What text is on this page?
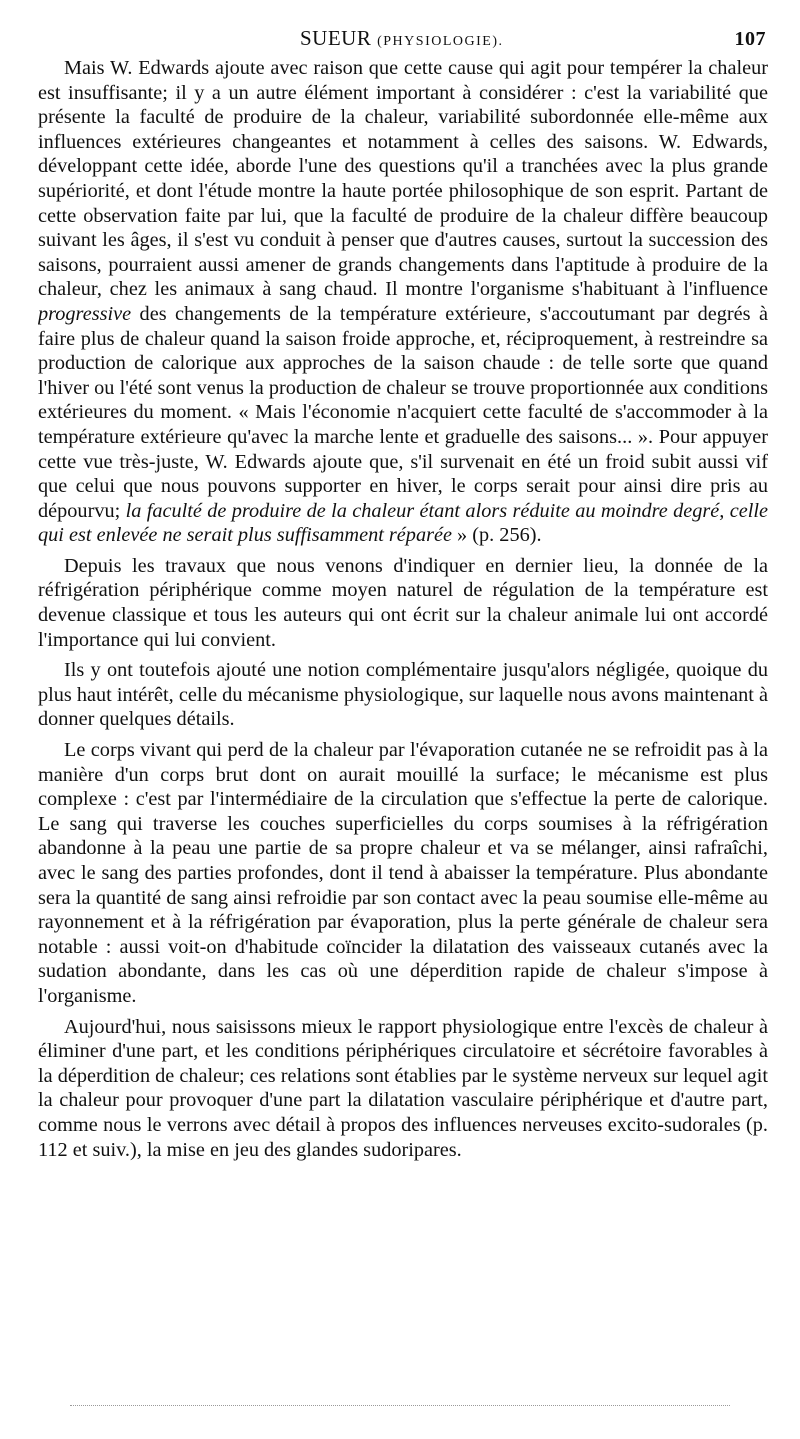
SUEUR (PHYSIOLOGIE).	107

Mais W. Edwards ajoute avec raison que cette cause qui agit pour tempérer la chaleur est insuffisante; il y a un autre élément important à considérer : c'est la variabilité que présente la faculté de produire de la chaleur, variabilité subordonnée elle-même aux influences extérieures changeantes et notamment à celles des saisons. W. Edwards, développant cette idée, aborde l'une des questions qu'il a tranchées avec la plus grande supériorité, et dont l'étude montre la haute portée philosophique de son esprit. Partant de cette observation faite par lui, que la faculté de produire de la chaleur diffère beaucoup suivant les âges, il s'est vu conduit à penser que d'autres causes, surtout la succession des saisons, pourraient aussi amener de grands changements dans l'aptitude à produire de la chaleur, chez les animaux à sang chaud. Il montre l'organisme s'habituant à l'influence progressive des changements de la température extérieure, s'accoutumant par degrés à faire plus de chaleur quand la saison froide approche, et, réciproquement, à restreindre sa production de calorique aux approches de la saison chaude : de telle sorte que quand l'hiver ou l'été sont venus la production de chaleur se trouve proportionnée aux conditions extérieures du moment. « Mais l'économie n'acquiert cette faculté de s'accommoder à la température extérieure qu'avec la marche lente et graduelle des saisons... ». Pour appuyer cette vue très-juste, W. Edwards ajoute que, s'il survenait en été un froid subit aussi vif que celui que nous pouvons supporter en hiver, le corps serait pour ainsi dire pris au dépourvu; la faculté de produire de la chaleur étant alors réduite au moindre degré, celle qui est enlevée ne serait plus suffisamment réparée » (p. 256).

Depuis les travaux que nous venons d'indiquer en dernier lieu, la donnée de la réfrigération périphérique comme moyen naturel de régulation de la température est devenue classique et tous les auteurs qui ont écrit sur la chaleur animale lui ont accordé l'importance qui lui convient.

Ils y ont toutefois ajouté une notion complémentaire jusqu'alors négligée, quoique du plus haut intérêt, celle du mécanisme physiologique, sur laquelle nous avons maintenant à donner quelques détails.

Le corps vivant qui perd de la chaleur par l'évaporation cutanée ne se refroidit pas à la manière d'un corps brut dont on aurait mouillé la surface; le mécanisme est plus complexe : c'est par l'intermédiaire de la circulation que s'effectue la perte de calorique. Le sang qui traverse les couches superficielles du corps soumises à la réfrigération abandonne à la peau une partie de sa propre chaleur et va se mélanger, ainsi rafraîchi, avec le sang des parties profondes, dont il tend à abaisser la température. Plus abondante sera la quantité de sang ainsi refroidie par son contact avec la peau soumise elle-même au rayonnement et à la réfrigération par évaporation, plus la perte générale de chaleur sera notable : aussi voit-on d'habitude coïncider la dilatation des vaisseaux cutanés avec la sudation abondante, dans les cas où une déperdition rapide de chaleur s'impose à l'organisme.

Aujourd'hui, nous saisissons mieux le rapport physiologique entre l'excès de chaleur à éliminer d'une part, et les conditions périphériques circulatoire et sécrétoire favorables à la déperdition de chaleur; ces relations sont établies par le système nerveux sur lequel agit la chaleur pour provoquer d'une part la dilatation vasculaire périphérique et d'autre part, comme nous le verrons avec détail à propos des influences nerveuses excito-sudorales (p. 112 et suiv.), la mise en jeu des glandes sudoripares.
